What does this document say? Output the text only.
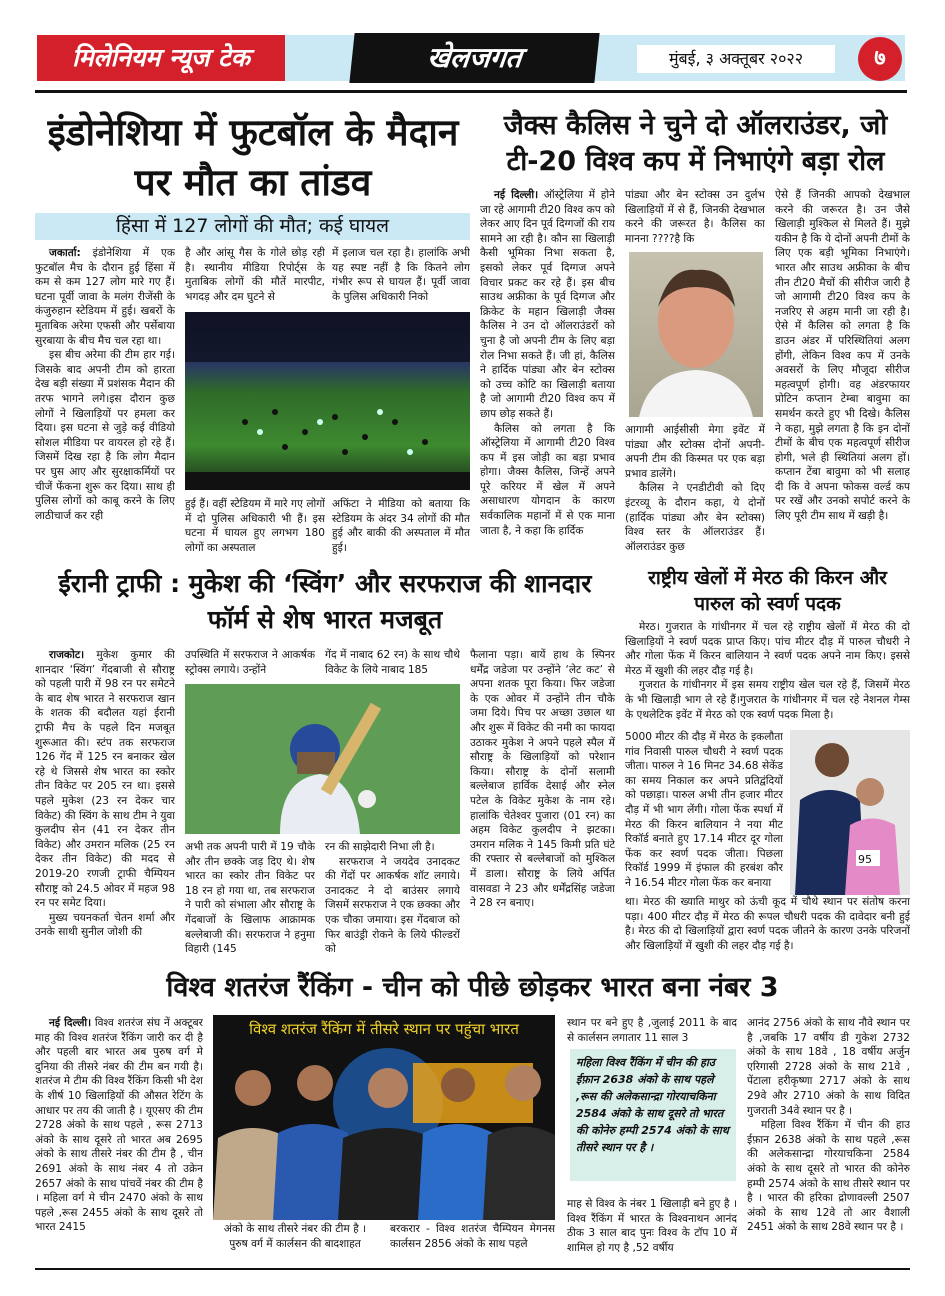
मिलेनियम न्यूज टेक	खेलजगत	मुंबई, ३ अक्तूबर २०२२	७
इंडोनेशिया में फुटबॉल के मैदान पर मौत का तांडव
हिंसा में 127 लोगों की मौत; कई घायल

जकार्ता: इंडोनेशिया में एक फुटबॉल मैच के दौरान हुई हिंसा में कम से कम 127 लोग मारे गए हैं। घटना पूर्वी जावा के मलंग रीजेंसी के कंजुरुहान स्टेडियम में हुई। खबरों के मुताबिक अरेमा एफसी और पर्सेबाया सुरबाया के बीच मैच चल रहा था।

इस बीच अरेमा की टीम हार गई। जिसके बाद अपनी टीम को हारता देख बड़ी संख्या में प्रशंसक मैदान की तरफ भागने लगे।इस दौरान कुछ लोगों ने खिलाड़ियों पर हमला कर दिया। इस घटना से जुड़े कई वीडियो सोशल मीडिया पर वायरल हो रहे हैं। जिसमें दिख रहा है कि लोग मैदान पर घुस आए और सुरक्षाकर्मियों पर चीजें फेंकना शुरू कर दिया। साथ ही पुलिस लोगों को काबू करने के लिए लाठीचार्ज कर रही

है और आंसू गैस के गोले छोड़ रही है। स्थानीय मीडिया रिपोर्ट्स के मुताबिक लोगों की मौतें मारपीट, भगदड़ और दम घुटने से

में इलाज चल रहा है। हालांकि अभी यह स्पष्ट नहीं है कि कितने लोग गंभीर रूप से घायल हैं। पूर्वी जावा के पुलिस अधिकारी निको

हुई हैं। वहीं स्टेडियम में मारे गए लोगों में दो पुलिस अधिकारी भी हैं। इस घटना में घायल हुए लगभग 180 लोगों का अस्पताल

अफिंटा ने मीडिया को बताया कि स्टेडियम के अंदर 34 लोगों की मौत हुई और बाकी की अस्पताल में मौत हुई।

जैक्स कैलिस ने चुने दो ऑलराउंडर, जो टी-20 विश्व कप में निभाएंगे बड़ा रोल

नई दिल्ली। ऑस्ट्रेलिया में होने जा रहे आगामी टी20 विश्व कप को लेकर आए दिन पूर्व दिग्गजों की राय सामने आ रही है। कौन सा खिलाड़ी कैसी भूमिका निभा सकता है, इसको लेकर पूर्व दिग्गज अपने विचार प्रकट कर रहे हैं। इस बीच साउथ अफ्रीका के पूर्व दिग्गज और क्रिकेट के महान खिलाड़ी जैक्स कैलिस ने उन दो ऑलराउंडरों को चुना है जो अपनी टीम के लिए बड़ा रोल निभा सकते हैं। जी हां, कैलिस ने हार्दिक पांड्या और बेन स्टोक्स को उच्च कोटि का खिलाड़ी बताया है जो आगामी टी20 विश्व कप में छाप छोड़ सकते हैं।

कैलिस को लगता है कि ऑस्ट्रेलिया में आगामी टी20 विश्व कप में इस जोड़ी का बड़ा प्रभाव होगा। जैक्स कैलिस, जिन्हें अपने पूरे करियर में खेल में अपने असाधारण योगदान के कारण सर्वकालिक महानों में से एक माना जाता है, ने कहा कि हार्दिक

पांड्या और बेन स्टोक्स उन दुर्लभ खिलाड़ियों में से हैं, जिनकी देखभाल करने की जरूरत है। कैलिस का मानना ????है कि

आगामी आईसीसी मेगा इवेंट में पांड्या और स्टोक्स दोनों अपनी-अपनी टीम की किस्मत पर एक बड़ा प्रभाव डालेंगे।

कैलिस ने एनडीटीवी को दिए इंटरव्यू के दौरान कहा, ये दोनों (हार्दिक पांड्या और बेन स्टोक्स) विश्व स्तर के ऑलराउंडर हैं। ऑलराउंडर कुछ

ऐसे हैं जिनकी आपको देखभाल करने की जरूरत है। उन जैसे खिलाड़ी मुश्किल से मिलते हैं। मुझे यकीन है कि ये दोनों अपनी टीमों के लिए एक बड़ी भूमिका निभाएंगे। भारत और साउथ अफ्रीका के बीच तीन टी20 मैचों की सीरीज जारी है जो आगामी टी20 विश्व कप के नजरिए से अहम मानी जा रही है। ऐसे में कैलिस को लगता है कि डाउन अंडर में परिस्थितियां अलग होंगी, लेकिन विश्व कप में उनके अवसरों के लिए मौजूदा सीरीज महत्वपूर्ण होगी। वह अंडरफायर प्रोटिन कप्तान टेम्बा बावुमा का समर्थन करते हुए भी दिखे। कैलिस ने कहा, मुझे लगता है कि इन दोनों टीमों के बीच एक महत्वपूर्ण सीरीज होगी, भले ही स्थितियां अलग हों। कप्तान टेंबा बावुमा को भी सलाह दी कि वे अपना फोकस वर्ल्ड कप पर रखें और उनको सपोर्ट करने के लिए पूरी टीम साथ में खड़ी है।

ईरानी ट्राफी : मुकेश की ‘स्विंग’ और सरफराज की शानदार फॉर्म से शेष भारत मजबूत

राजकोट। मुकेश कुमार की शानदार ‘स्विंग’ गेंदबाजी से सौराष्ट्र को पहली पारी में 98 रन पर समेटने के बाद शेष भारत ने सरफराज खान के शतक की बदौलत यहां ईरानी ट्राफी मैच के पहले दिन मजबूत शुरूआत की। स्टंप तक सरफराज 126 गेंद में 125 रन बनाकर खेल रहे थे जिससे शेष भारत का स्कोर तीन विकेट पर 205 रन था। इससे पहले मुकेश (23 रन देकर चार विकेट) की स्विंग के साथ टीम ने युवा कुलदीप सेन (41 रन देकर तीन विकेट) और उमरान मलिक (25 रन देकर तीन विकेट) की मदद से 2019-20 रणजी ट्राफी चैम्पियन सौराष्ट्र को 24.5 ओवर में महज 98 रन पर समेट दिया।

मुख्य चयनकर्ता चेतन शर्मा और उनके साथी सुनील जोशी की

उपस्थिति में सरफराज ने आकर्षक स्ट्रोक्स लगाये। उन्होंने

गेंद में नाबाद 62 रन) के साथ चौथे विकेट के लिये नाबाद 185

अभी तक अपनी पारी में 19 चौके और तीन छक्के जड़ दिए थे। शेष भारत का स्कोर तीन विकेट पर 18 रन हो गया था, तब सरफराज ने पारी को संभाला और सौराष्ट्र के गेंदबाजों के खिलाफ आक्रामक बल्लेबाजी की। सरफराज ने हनुमा विहारी (145

रन की साझेदारी निभा ली है।

सरफराज ने जयदेव उनादकट की गेंदों पर आकर्षक शॉट लगाये। उनादकट ने दो बाउंसर लगाये जिसमें सरफराज ने एक छक्का और एक चौका जमाया। इस गेंदबाज को फिर बाउंड्री रोकने के लिये फील्डरों को

फैलाना पड़ा। बायें हाथ के स्पिनर धर्मेंद्र जडेजा पर उन्होंने ‘लेट कट’ से अपना शतक पूरा किया। फिर जडेजा के एक ओवर में उन्होंने तीन चौके जमा दिये। पिच पर अच्छा उछाल था और शुरू में विकेट की नमी का फायदा उठाकर मुकेश ने अपने पहले स्पैल में सौराष्ट्र के खिलाड़ियों को परेशान किया। सौराष्ट्र के दोनों सलामी बल्लेबाज हार्विक देसाई और स्नेल पटेल के विकेट मुकेश के नाम रहे। हालांकि चेतेश्वर पुजारा (01 रन) का अहम विकेट कुलदीप ने झटका। उमरान मलिक ने 145 किमी प्रति घंटे की रफ्तार से बल्लेबाजों को मुश्किल में डाला। सौराष्ट्र के लिये अर्पित वासवडा ने 23 और धर्मेंद्रसिंह जडेजा ने 28 रन बनाए।

राष्ट्रीय खेलों में मेरठ की किरन और पारुल को स्वर्ण पदक

मेरठ। गुजरात के गांधीनगर में चल रहे राष्ट्रीय खेलों में मेरठ की दो खिलाड़ियों ने स्वर्ण पदक प्राप्त किए। पांच मीटर दौड़ में पारुल चौधरी ने और गोला फेंक में किरन बालियान ने स्वर्ण पदक अपने नाम किए। इससे मेरठ में खुशी की लहर दौड़ गई है।

गुजरात के गांधीनगर में इस समय राष्ट्रीय खेल चल रहे हैं, जिसमें मेरठ के भी खिलाड़ी भाग ले रहे हैं।गुजरात के गांधीनगर में चल रहे नेशनल गेम्स के एथलेटिक इवेंट में मेरठ को एक स्वर्ण पदक मिला है।

5000 मीटर की दौड़ में मेरठ के इकलौता गांव निवासी पारुल चौधरी ने स्वर्ण पदक जीता। पारुल ने 16 मिनट 34.68 सेकेंड का समय निकाल कर अपने प्रतिद्वंदियों को पछाड़ा। पारुल अभी तीन हजार मीटर दौड़ में भी भाग लेंगी। गोला फेंक स्पर्धा में मेरठ की किरन बालियान ने नया मीट रिकॉर्ड बनाते हुए 17.14 मीटर दूर गोला फेंक कर स्वर्ण पदक जीता। पिछला रिकॉर्ड 1999 में इंफाल की हरबंश कौर ने 16.54 मीटर गोला फेंक कर बनाया

95

था। मेरठ की ख्याति माथुर को ऊंची कूद में चौथे स्थान पर संतोष करना पड़ा। 400 मीटर दौड़ में मेरठ की रूपल चौधरी पदक की दावेदार बनी हुई है। मेरठ की दो खिलाड़ियों द्वारा स्वर्ण पदक जीतने के कारण उनके परिजनों और खिलाड़ियों में खुशी की लहर दौड़ गई है।

विश्व शतरंज रैंकिंग - चीन को पीछे छोड़कर भारत बना नंबर 3

नई दिल्ली। विश्व शतरंज संघ नें अक्टूबर माह की विश्व शतरंज रैंकिंग जारी कर दी है और पहली बार भारत अब पुरुष वर्ग मे दुनिया की तीसरे नंबर की टीम बन गयी है। शतरंज मे टीम की विश्व रैंकिंग किसी भी देश के शीर्ष 10 खिलाड़ियों की औसत रेटिंग के आधार पर तय की जाती है । यूएसए की टीम 2728 अंको के साथ पहले , रूस 2713 अंको के साथ दूसरे तो भारत अब 2695 अंको के साथ तीसरे नंबर की टीम है , चीन 2691 अंको के साथ नंबर 4 तो उक्रेन 2657 अंको के साथ पांचवें नंबर की टीम है । महिला वर्ग मे चीन 2470 अंको के साथ पहले ,रूस 2455 अंको के साथ दूसरे तो भारत 2415

विश्व शतरंज रैंकिंग में तीसरे स्थान पर पहुंचा भारत
अंको के साथ तीसरे नंबर की टीम है । पुरुष वर्ग में कार्लसन की बादशाहत
बरकरार - विश्व शतरंज चैम्पियन मेगनस कार्लसन 2856 अंको के साथ पहले

स्थान पर बने हुए है ,जुलाई 2011 के बाद से कार्लसन लगातार 11 साल 3

महिला विश्व रैंकिंग में चीन की हाउ ईफ़ान 2638 अंको के साथ पहले ,रूस की अलेकसान्द्रा गोरयाचकिना 2584 अंको के साथ दूसरे तो भारत की कोनेरु हम्पी 2574 अंको के साथ तीसरे स्थान पर है ।

माह से विश्व के नंबर 1 खिलाड़ी बने हुए है । विश्व रैंकिंग में भारत के विश्वनाथन आनंद ठीक 3 साल बाद पुनः विश्व के टॉप 10 में शामिल हो गए है ,52 वर्षीय

आनंद 2756 अंको के साथ नौवे स्थान पर है ,जबकि 17 वर्षीय डी गुकेश 2732 अंको के साथ 18वे , 18 वर्षीय अर्जुन एरिगासी 2728 अंको के साथ 21वे , पेंटाला हरीकृष्णा 2717 अंको के साथ 29वे और 2710 अंको के साथ विदित गुजराती 34वे स्थान पर है ।

महिला विश्व रैंकिंग में चीन की हाउ ईफ़ान 2638 अंको के साथ पहले ,रूस की अलेकसान्द्रा गोरयाचकिना 2584 अंको के साथ दूसरे तो भारत की कोनेरु हम्पी 2574 अंको के साथ तीसरे स्थान पर है । भारत की हरिका द्रोणावल्ली 2507 अंको के साथ 12वे तो आर वैशाली 2451 अंको के साथ 28वे स्थान पर है ।
